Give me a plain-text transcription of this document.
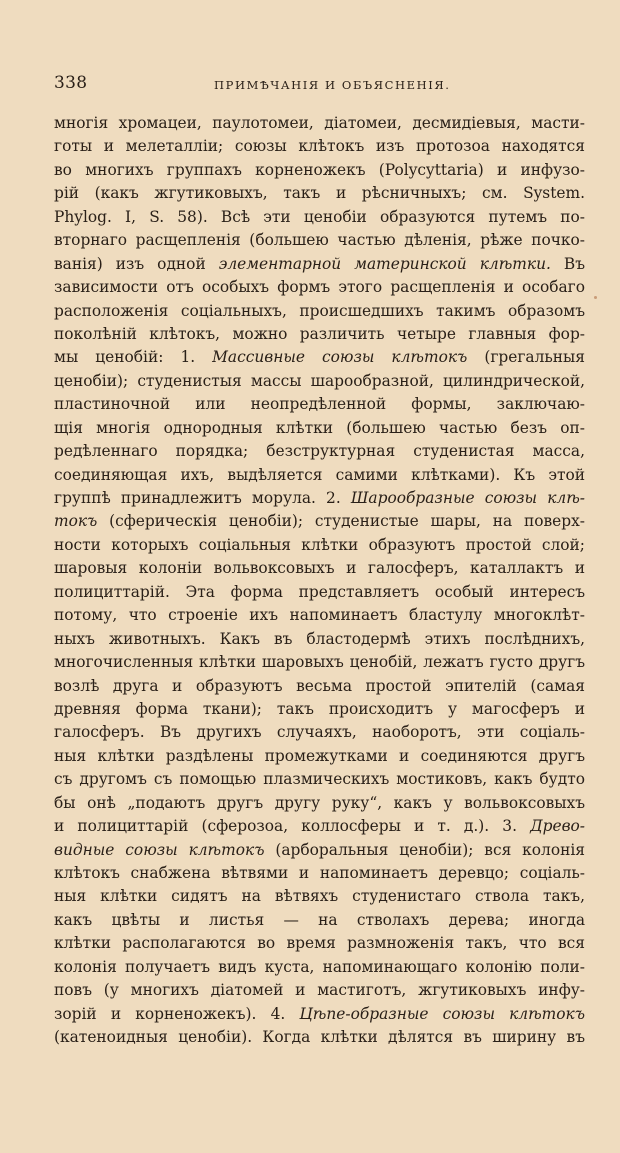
338	ПРИМѢЧАНІЯ И ОБЪЯСНЕНІЯ.
многія хромацеи, паулотомеи, діатомеи, десмидіевыя, масти-
готы и мелеталліи; союзы клѣтокъ изъ протозоа находятся
во многихъ группахъ корненожекъ (Polycyttaria) и инфузо-
рій (какъ жгутиковыхъ, такъ и рѣсничныхъ; см. System.
Phylog. I, S. 58). Всѣ эти ценобіи образуются путемъ по-
вторнаго расщепленія (большею частью дѣленія, рѣже почко-
ванія) изъ одной элементарной материнской клѣтки. Въ
зависимости отъ особыхъ формъ этого расщепленія и особаго
расположенія соціальныхъ, происшедшихъ такимъ образомъ
поколѣній клѣтокъ, можно различить четыре главныя фор-
мы ценобій: 1. Массивные союзы клѣтокъ (грегальныя
ценобіи); студенистыя массы шарообразной, цилиндрической,
пластиночной или неопредѣленной формы, заключаю-
щія многія однородныя клѣтки (большею частью безъ оп-
редѣленнаго порядка; безструктурная студенистая масса,
соединяющая ихъ, выдѣляется самими клѣтками). Къ этой
группѣ принадлежитъ морула. 2. Шарообразные союзы клѣ-
токъ (сферическія ценобіи); студенистые шары, на поверх-
ности которыхъ соціальныя клѣтки образуютъ простой слой;
шаровыя колоніи вольвоксовыхъ и галосферъ, каталлактъ и
полициттарій. Эта форма представляетъ особый интересъ
потому, что строеніе ихъ напоминаетъ бластулу многоклѣт-
ныхъ животныхъ. Какъ въ бластодермѣ этихъ послѣднихъ,
многочисленныя клѣтки шаровыхъ ценобій, лежатъ густо другъ
возлѣ друга и образуютъ весьма простой эпителій (самая
древняя форма ткани); такъ происходитъ у магосферъ и
галосферъ. Въ другихъ случаяхъ, наоборотъ, эти соціаль-
ныя клѣтки раздѣлены промежутками и соединяются другъ
съ другомъ съ помощью плазмическихъ мостиковъ, какъ будто
бы онѣ „подаютъ другъ другу руку“, какъ у вольвоксовыхъ
и полициттарій (сферозоа, коллосферы и т. д.). 3. Древо-
видные союзы клѣтокъ (арборальныя ценобіи); вся колонія
клѣтокъ снабжена вѣтвями и напоминаетъ деревцо; соціаль-
ныя клѣтки сидятъ на вѣтвяхъ студенистаго ствола такъ,
какъ цвѣты и листья — на стволахъ дерева; иногда
клѣтки располагаются во время размноженія такъ, что вся
колонія получаетъ видъ куста, напоминающаго колонію поли-
повъ (у многихъ діатомей и мастиготъ, жгутиковыхъ инфу-
зорій и корненожекъ). 4. Цѣпе-образные союзы клѣтокъ
(катеноидныя ценобіи). Когда клѣтки дѣлятся въ ширину въ
